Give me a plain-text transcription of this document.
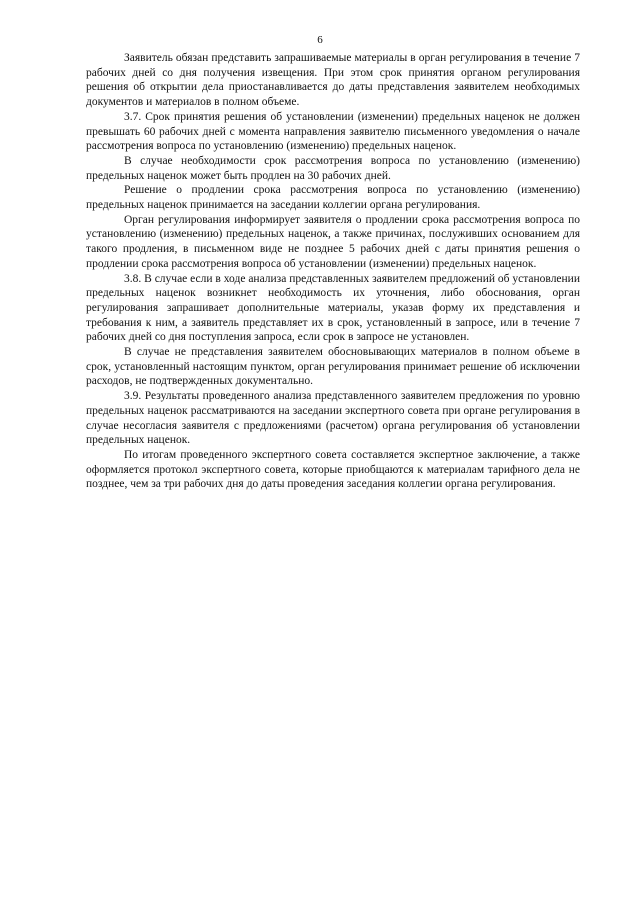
6

Заявитель обязан представить запрашиваемые материалы в орган регулирования в течение 7 рабочих дней со дня получения извещения. При этом срок принятия органом регулирования решения об открытии дела приостанавливается до даты представления заявителем необходимых документов и материалов в полном объеме.

3.7. Срок принятия решения об установлении (изменении) предельных наценок не должен превышать 60 рабочих дней с момента направления заявителю письменного уведомления о начале рассмотрения вопроса по установлению (изменению) предельных наценок.

В случае необходимости срок рассмотрения вопроса по установлению (изменению) предельных наценок может быть продлен на 30 рабочих дней.

Решение о продлении срока рассмотрения вопроса по установлению (изменению) предельных наценок принимается на заседании коллегии органа регулирования.

Орган регулирования информирует заявителя о продлении срока рассмотрения вопроса по установлению (изменению) предельных наценок, а также причинах, послуживших основанием для такого продления, в письменном виде не позднее 5 рабочих дней с даты принятия решения о продлении срока рассмотрения вопроса об установлении (изменении) предельных наценок.

3.8. В случае если в ходе анализа представленных заявителем предложений об установлении предельных наценок возникнет необходимость их уточнения, либо обоснования, орган регулирования запрашивает дополнительные материалы, указав форму их представления и требования к ним, а заявитель представляет их в срок, установленный в запросе, или в течение 7 рабочих дней со дня поступления запроса, если срок в запросе не установлен.

В случае не представления заявителем обосновывающих материалов в полном объеме в срок, установленный настоящим пунктом, орган регулирования принимает решение об исключении расходов, не подтвержденных документально.

3.9. Результаты проведенного анализа представленного заявителем предложения по уровню предельных наценок рассматриваются на заседании экспертного совета при органе регулирования в случае несогласия заявителя с предложениями (расчетом) органа регулирования об установлении предельных наценок.

По итогам проведенного экспертного совета составляется экспертное заключение, а также оформляется протокол экспертного совета, которые приобщаются к материалам тарифного дела не позднее, чем за три рабочих дня до даты проведения заседания коллегии органа регулирования.
